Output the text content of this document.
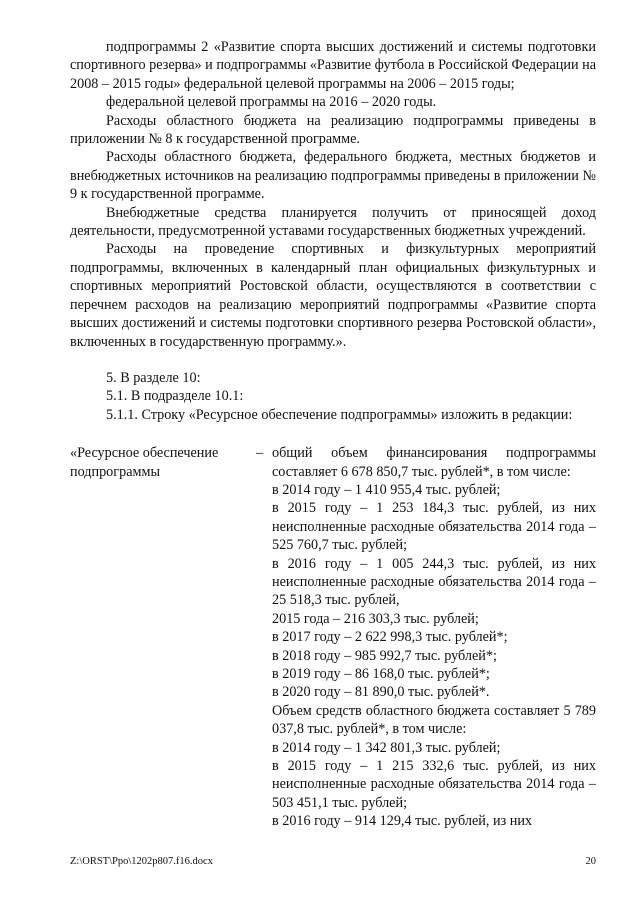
подпрограммы 2 «Развитие спорта высших достижений и системы подготовки спортивного резерва» и подпрограммы «Развитие футбола в Российской Федерации на 2008 – 2015 годы» федеральной целевой программы на 2006 – 2015 годы;

федеральной целевой программы на 2016 – 2020 годы.

Расходы областного бюджета на реализацию подпрограммы приведены в приложении № 8 к государственной программе.

Расходы областного бюджета, федерального бюджета, местных бюджетов и внебюджетных источников на реализацию подпрограммы приведены в приложении № 9 к государственной программе.

Внебюджетные средства планируется получить от приносящей доход деятельности, предусмотренной уставами государственных бюджетных учреждений.

Расходы на проведение спортивных и физкультурных мероприятий подпрограммы, включенных в календарный план официальных физкультурных и спортивных мероприятий Ростовской области, осуществляются в соответствии с перечнем расходов на реализацию мероприятий подпрограммы «Развитие спорта высших достижений и системы подготовки спортивного резерва Ростовской области», включенных в государственную программу.».

5. В разделе 10:

5.1. В подразделе 10.1:

5.1.1. Строку «Ресурсное обеспечение подпрограммы» изложить в редакции:

«Ресурсное обеспечение подпрограммы
– общий объем финансирования подпрограммы составляет 6 678 850,7 тыс. рублей*, в том числе:

в 2014 году – 1 410 955,4 тыс. рублей;

в 2015 году – 1 253 184,3 тыс. рублей, из них неисполненные расходные обязательства 2014 года – 525 760,7 тыс. рублей;

в 2016 году – 1 005 244,3 тыс. рублей, из них неисполненные расходные обязательства 2014 года – 25 518,3 тыс. рублей,

2015 года – 216 303,3 тыс. рублей;

в 2017 году – 2 622 998,3 тыс. рублей*;

в 2018 году – 985 992,7 тыс. рублей*;

в 2019 году – 86 168,0 тыс. рублей*;

в 2020 году – 81 890,0 тыс. рублей*.

Объем средств областного бюджета составляет 5 789 037,8 тыс. рублей*, в том числе:

в 2014 году – 1 342 801,3 тыс. рублей;

в 2015 году – 1 215 332,6 тыс. рублей, из них неисполненные расходные обязательства 2014 года – 503 451,1 тыс. рублей;

в 2016 году – 914 129,4 тыс. рублей, из них

Z:\ORST\Ppo\1202p807.f16.docx	20
